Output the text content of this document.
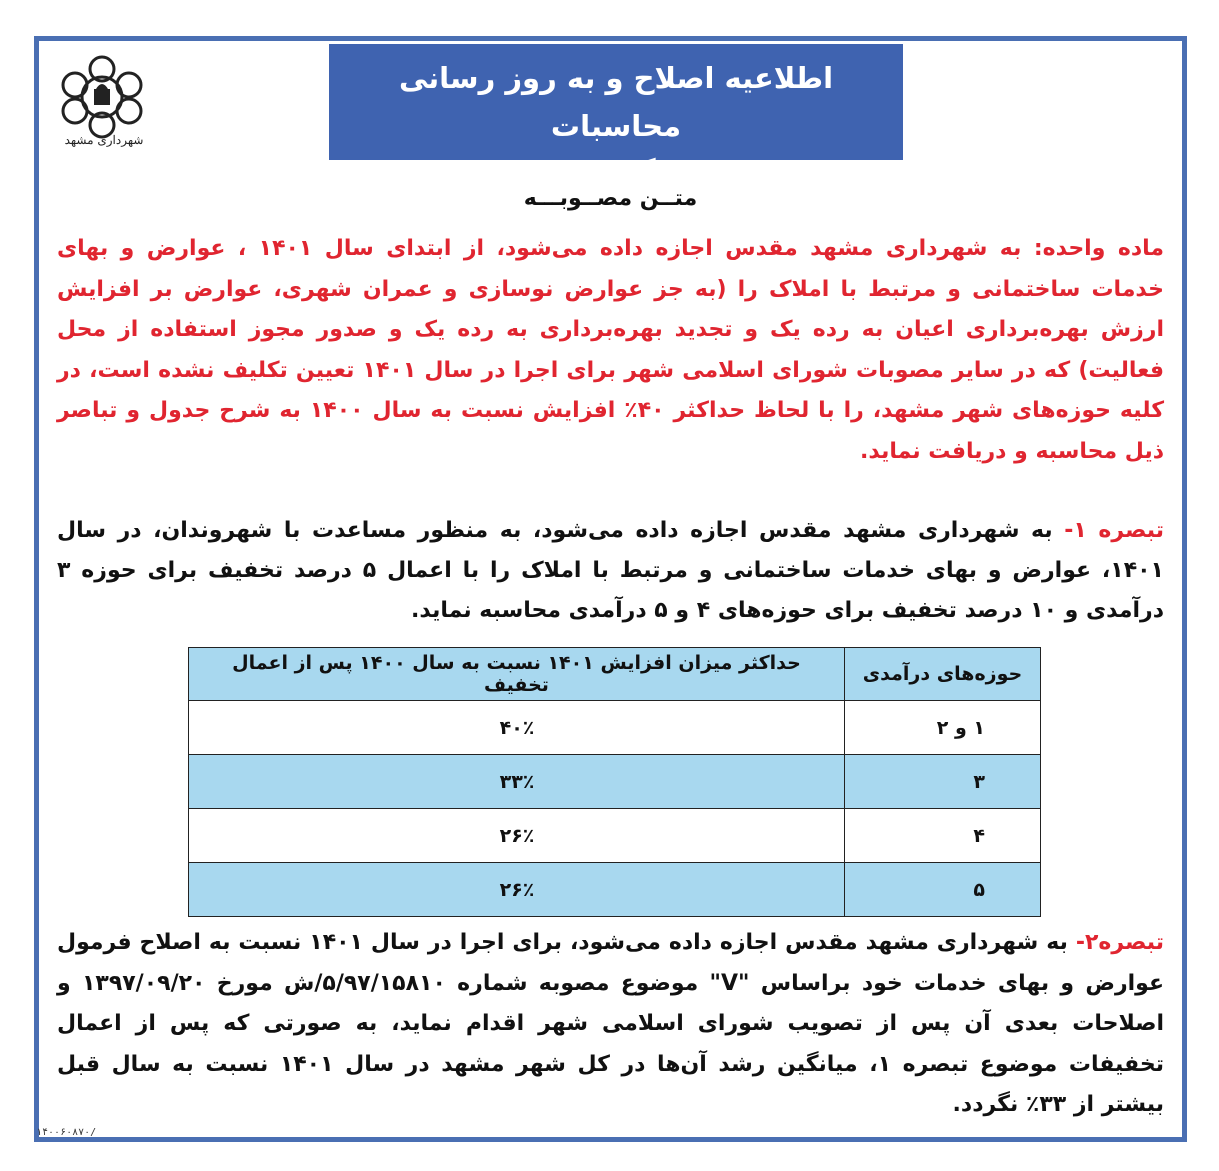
شهرداری مشهد
اطلاعیه اصلاح و به روز رسانی محاسبات
عوارض مجوز و گواهی‌های ساختمانی
متــن مصــوبـــه
ماده واحده: به شهرداری مشهد مقدس اجازه داده می‌شود، از ابتدای سال ۱۴۰۱ ، عوارض و بهای خدمات ساختمانی و مرتبط با املاک را (به جز عوارض نوسازی و عمران شهری، عوارض بر افزایش ارزش بهره‌برداری اعیان به رده یک و تجدید بهره‌برداری به رده یک و صدور مجوز استفاده از محل فعالیت) که در سایر مصوبات شورای اسلامی شهر برای اجرا در سال ۱۴۰۱ تعیین تکلیف نشده است، در کلیه حوزه‌های شهر مشهد، را با لحاظ حداکثر ۴۰٪ افزایش نسبت به سال ۱۴۰۰ به شرح جدول و تباصر ذیل محاسبه و دریافت نماید.
تبصره ۱- به شهرداری مشهد مقدس اجازه داده می‌شود، به منظور مساعدت با شهروندان، در سال ۱۴۰۱، عوارض و بهای خدمات ساختمانی و مرتبط با املاک را با اعمال ۵ درصد تخفیف برای حوزه ۳ درآمدی و ۱۰ درصد تخفیف برای حوزه‌های ۴ و ۵ درآمدی محاسبه نماید.
حوزه‌های درآمدی	حداکثر میزان افزایش ۱۴۰۱ نسبت به سال ۱۴۰۰ پس از اعمال تخفیف
۱ و ۲	۴۰٪
۳	۳۳٪
۴	۲۶٪
۵	۲۶٪
تبصره۲- به شهرداری مشهد مقدس اجازه داده می‌شود، برای اجرا در سال ۱۴۰۱ نسبت به اصلاح فرمول عوارض و بهای خدمات خود براساس "V" موضوع مصوبه شماره ۵/۹۷/۱۵۸۱۰/ش مورخ ۱۳۹۷/۰۹/۲۰ و اصلاحات بعدی آن پس از تصویب شورای اسلامی شهر اقدام نماید، به صورتی که پس از اعمال تخفیفات موضوع تبصره ۱، میانگین رشد آن‌ها در کل شهر مشهد در سال ۱۴۰۱ نسبت به سال قبل بیشتر از ۳۳٪ نگردد.
۱۴۰۰۶۰۸۷۰/
